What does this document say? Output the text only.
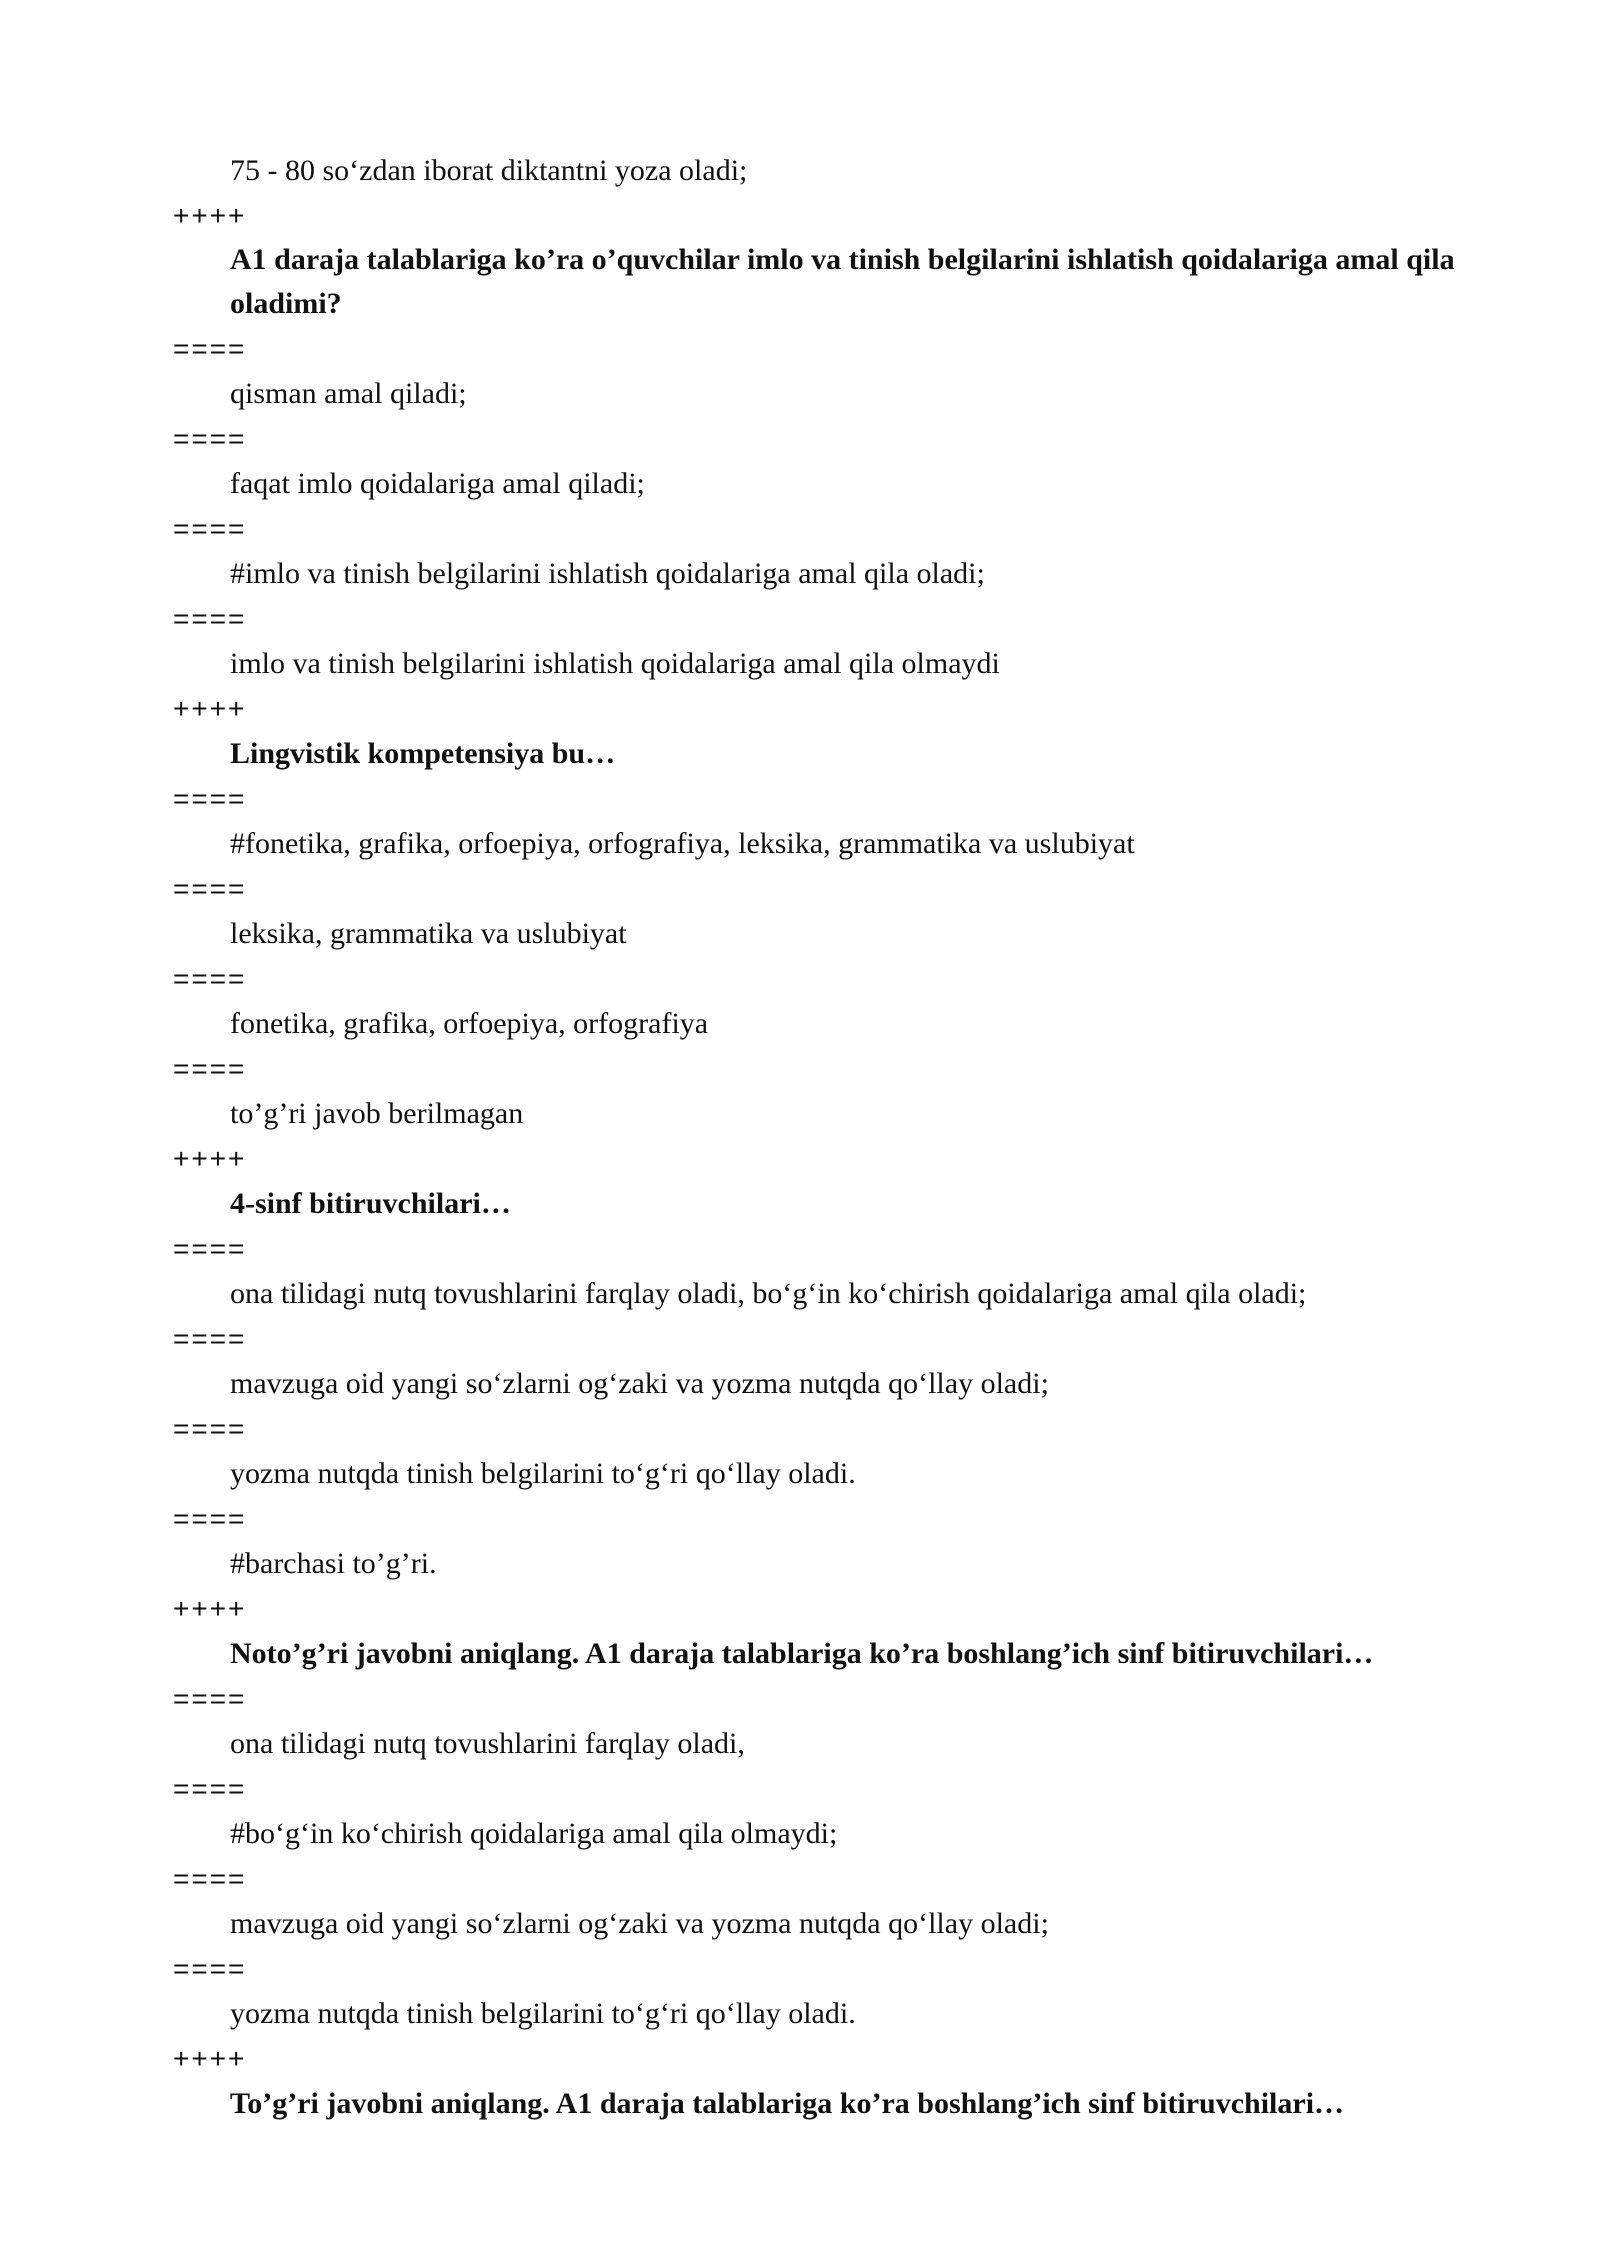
75 - 80 so‘zdan iborat diktantni yoza oladi;
++++
A1 daraja talablariga ko’ra o’quvchilar imlo va tinish belgilarini ishlatish qoidalariga amal qila oladimi?
====
qisman amal qiladi;
====
faqat imlo qoidalariga amal qiladi;
====
#imlo va tinish belgilarini ishlatish qoidalariga amal qila oladi;
====
imlo va tinish belgilarini ishlatish qoidalariga amal qila olmaydi
++++
Lingvistik kompetensiya bu…
====
#fonetika, grafika, orfoepiya, orfografiya, leksika, grammatika va uslubiyat
====
leksika, grammatika va uslubiyat
====
fonetika, grafika, orfoepiya, orfografiya
====
to’g’ri javob berilmagan
++++
4-sinf bitiruvchilari…
====
ona tilidagi nutq tovushlarini farqlay oladi, bo‘g‘in ko‘chirish qoidalariga amal qila oladi;
====
mavzuga oid yangi so‘zlarni og‘zaki va yozma nutqda qo‘llay oladi;
====
yozma nutqda tinish belgilarini to‘g‘ri qo‘llay oladi.
====
#barchasi to’g’ri.
++++
Noto’g’ri javobni aniqlang. A1 daraja talablariga ko’ra boshlang’ich sinf bitiruvchilari…
====
ona tilidagi nutq tovushlarini farqlay oladi,
====
#bo‘g‘in ko‘chirish qoidalariga amal qila olmaydi;
====
mavzuga oid yangi so‘zlarni og‘zaki va yozma nutqda qo‘llay oladi;
====
yozma nutqda tinish belgilarini to‘g‘ri qo‘llay oladi.
++++
To’g’ri javobni aniqlang. A1 daraja talablariga ko’ra boshlang’ich sinf bitiruvchilari…
